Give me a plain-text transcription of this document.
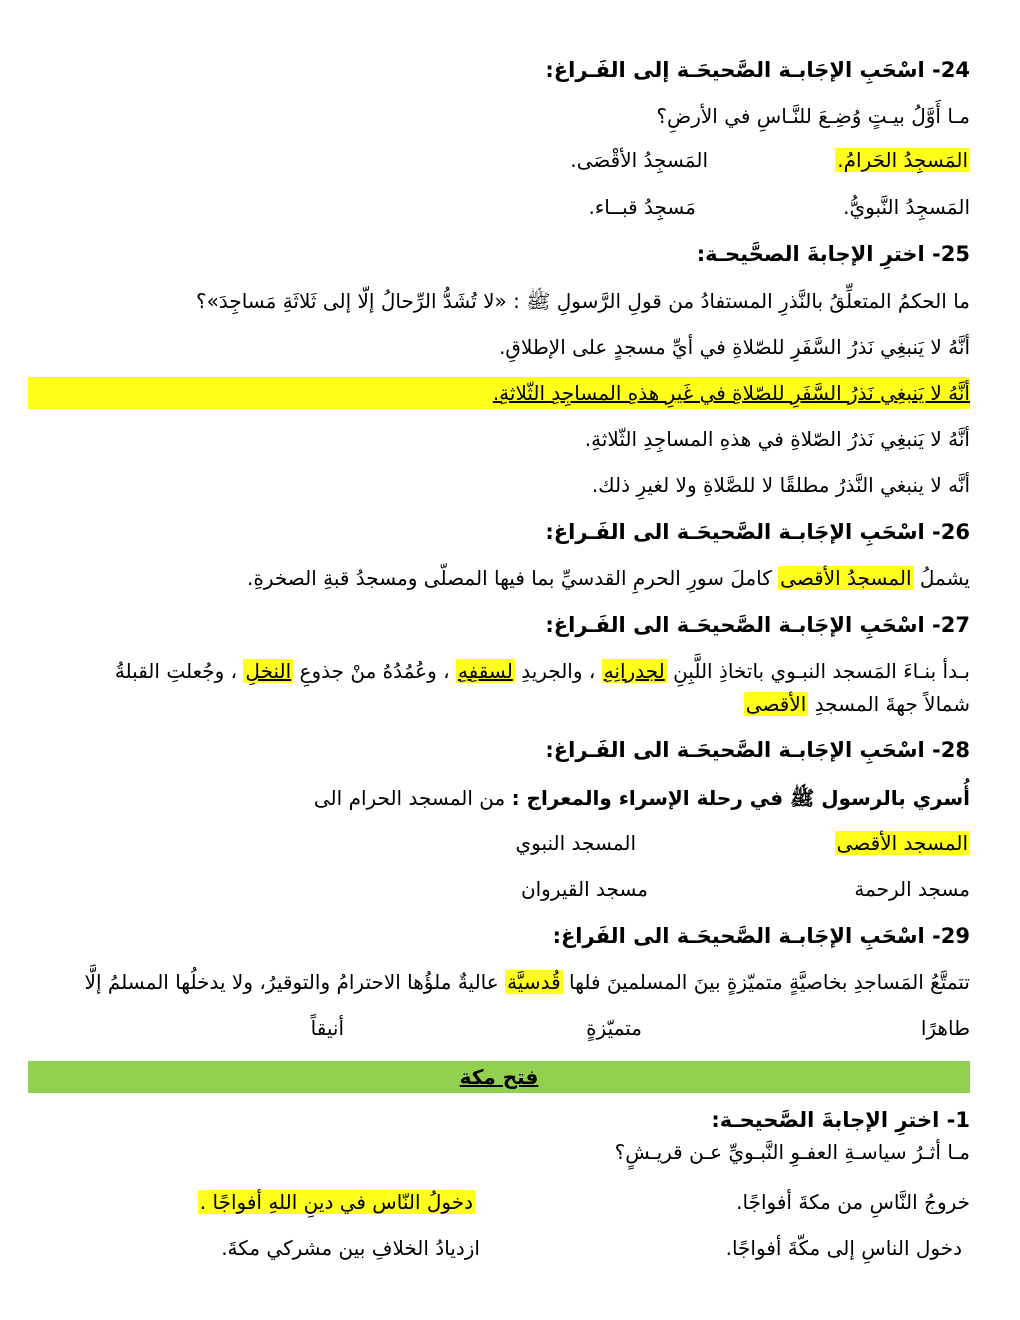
24- اسْحَبِ الإجَابـة الصَّحيحَـة إلى الفَـراغ:
مـا أَوَّلُ بيـتٍ وُضِـعَ للنَّـاسِ في الأرضِ؟
المَسجِدُ الحَرامُ.
المَسجِدُ الأقْصَى.
المَسجِدُ النَّبويُّ.
مَسجِدُ قبــاء.
25- اخترِ الإجابةَ الصحَّيحـة:
ما الحكمُ المتعلِّقُ بالنَّذرِ المستفادُ من قولِ الرَّسولِ ﷺ : «لا تُشَدُّ الرِّحالُ إلّا إلى ثَلاثَةِ مَساجِدَ»؟
أنَّهُ لا يَنبغِي نَذرُ السَّفَرِ للصّلاةِ في أيِّ مسجدٍ على الإطلاقِ.
أنَّهُ لا يَنبغِي نَذرُ السَّفَرِ للصّلاةِ في غَيرِ هذهِ المساجِدِ الثّلاثةِ.
أنَّهُ لا يَنبغِي نَذرُ الصّلاةِ في هذهِ المساجِدِ الثّلاثةِ.
أنَّه لا ينبغي النَّذرُ مطلقًا لا للصَّلاةِ ولا لغيرِ ذلك.
26- اسْحَبِ الإجَابـة الصَّحيحَـة الى الفَـراغ:
يشملُ المسجدُ الأقصى كاملَ سورِ الحرمِ القدسيِّ بما فيها المصلّى ومسجدُ قبةِ الصخرةِ.
27- اسْحَبِ الإجَابـة الصَّحيحَـة الى الفَـراغ:
بـدأ بنـاءَ المَسجد النبـوي باتخاذِ اللَّبِنِ لجدرانِهِ ، والجريدِ لسقفِهِ ، وعُمُدُهُ منْ جذوعِ النخلِ ، وجُعلتِ القبلةُ
شمالاً جهةَ المسجدِ الأقصى
28- اسْحَبِ الإجَابـة الصَّحيحَـة الى الفَـراغ:
أُسري بالرسول ﷺ في رحلة الإسراء والمعراج : من المسجد الحرام الى
المسجد الأقصى
المسجد النبوي
مسجد الرحمة
مسجد القيروان
29- اسْحَبِ الإجَابـة الصَّحيحَـة الى الفَراغ:
تتمتَّعُ المَساجدِ بخاصيَّةٍ متميّزةٍ بينَ المسلمينَ فلها قُدسيَّة عاليةٌ ملؤُها الاحترامُ والتوقيرُ، ولا يدخلُها المسلمُ إلَّا
طاهرًا
متميّزةٍ
أنيقاً
فتح مكة
1- اخترِ الإجابةَ الصَّحيحـة:
مـا أثـرُ سياسـةِ العفـوِ النَّبـويِّ عـن قريـشٍ؟
خروجُ النَّاسِ من مكةَ أفواجًا.
دخولُ النّاس في دينِ اللهِ أفواجًا .
دخول الناسِ إلى مكّةَ أفواجًا.
ازديادُ الخلافِ بين مشركي مكةَ.
